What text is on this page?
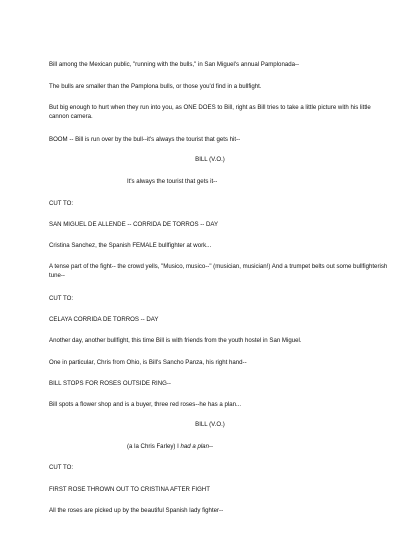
Bill among the Mexican public, "running with the bulls," in San Miguel's annual Pamplonada--
The bulls are smaller than the Pamplona bulls, or those you'd find in a bullfight.
But big enough to hurt when they run into you, as ONE DOES to Bill, right as Bill tries to take a little picture with his little cannon camera.
BOOM -- Bill is run over by the bull--it's always the tourist that gets hit--
BILL (V.O.)
It's always the tourist that gets it--
CUT TO:
SAN MIGUEL DE ALLENDE -- CORRIDA DE TORROS -- DAY
Cristina Sanchez, the Spanish FEMALE bullfighter at work...
A tense part of the fight-- the crowd yells, "Musico, musico--" (musician, musician!) And a trumpet belts out some bullfighterish tune--
CUT TO:
CELAYA CORRIDA DE TORROS -- DAY
Another day, another bullfight, this time Bill is with friends from the youth hostel in San Miguel.
One in particular, Chris from Ohio, is Bill's Sancho Panza, his right hand--
BILL STOPS FOR ROSES OUTSIDE RING--
Bill spots a flower shop and is a buyer, three red roses--he has a plan...
BILL (V.O.)
(a la Chris Farley) I had a plan--
CUT TO:
FIRST ROSE THROWN OUT TO CRISTINA AFTER FIGHT
All the roses are picked up by the beautiful Spanish lady fighter--
